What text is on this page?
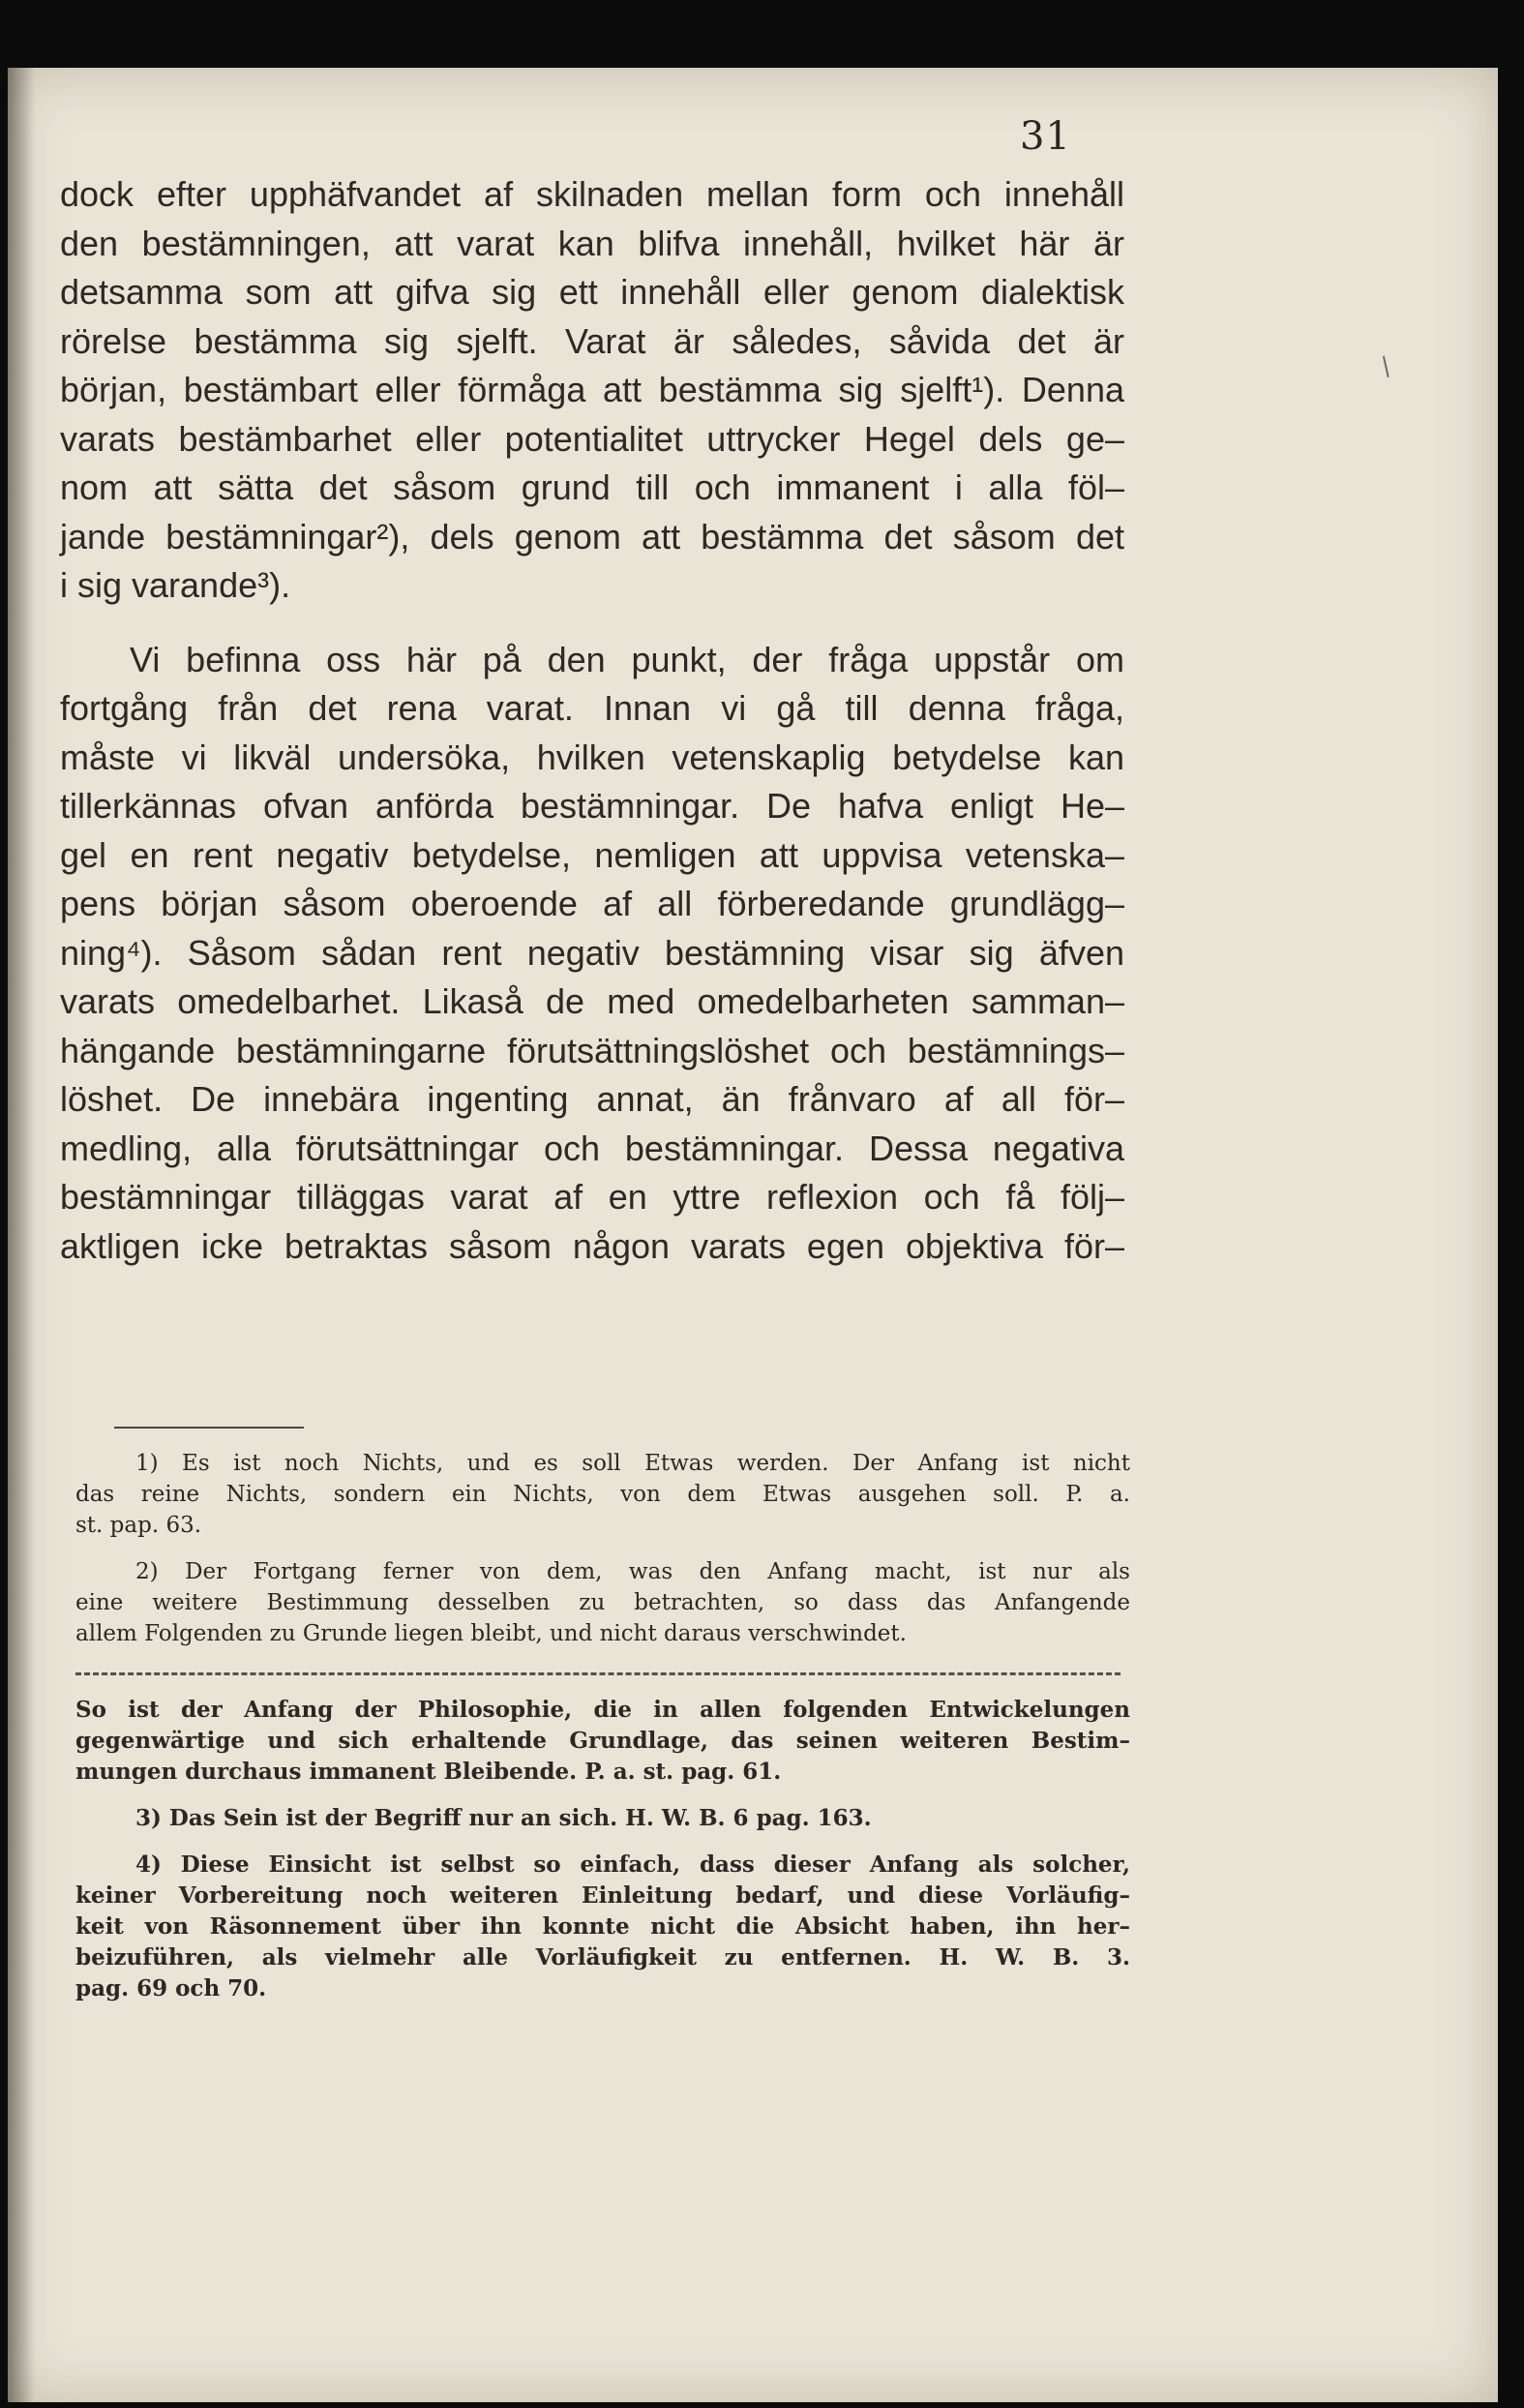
31
/
dock efter upphäfvandet af skilnaden mellan form och innehåll
den bestämningen, att varat kan blifva innehåll, hvilket här är
detsamma som att gifva sig ett innehåll eller genom dialektisk
rörelse bestämma sig sjelft. Varat är således, såvida det är
början, bestämbart eller förmåga att bestämma sig sjelft¹). Denna
varats bestämbarhet eller potentialitet uttrycker Hegel dels ge–
nom att sätta det såsom grund till och immanent i alla föl–
jande bestämningar²), dels genom att bestämma det såsom det
i sig varande³).
Vi befinna oss här på den punkt, der fråga uppstår om
fortgång från det rena varat. Innan vi gå till denna fråga,
måste vi likväl undersöka, hvilken vetenskaplig betydelse kan
tillerkännas ofvan anförda bestämningar. De hafva enligt He–
gel en rent negativ betydelse, nemligen att uppvisa vetenska–
pens början såsom oberoende af all förberedande grundlägg–
ning⁴). Såsom sådan rent negativ bestämning visar sig äfven
varats omedelbarhet. Likaså de med omedelbarheten samman–
hängande bestämningarne förutsättningslöshet och bestämnings–
löshet. De innebära ingenting annat, än frånvaro af all för–
medling, alla förutsättningar och bestämningar. Dessa negativa
bestämningar tilläggas varat af en yttre reflexion och få följ–
aktligen icke betraktas såsom någon varats egen objektiva för–
1) Es ist noch Nichts, und es soll Etwas werden. Der Anfang ist nicht
das reine Nichts, sondern ein Nichts, von dem Etwas ausgehen soll. P. a.
st. pap. 63.
2) Der Fortgang ferner von dem, was den Anfang macht, ist nur als
eine weitere Bestimmung desselben zu betrachten, so dass das Anfangende
allem Folgenden zu Grunde liegen bleibt, und nicht daraus verschwindet.
So ist der Anfang der Philosophie, die in allen folgenden Entwickelungen
gegenwärtige und sich erhaltende Grundlage, das seinen weiteren Bestim–
mungen durchaus immanent Bleibende. P. a. st. pag. 61.
3) Das Sein ist der Begriff nur an sich. H. W. B. 6 pag. 163.
4) Diese Einsicht ist selbst so einfach, dass dieser Anfang als solcher,
keiner Vorbereitung noch weiteren Einleitung bedarf, und diese Vorläufig–
keit von Räsonnement über ihn konnte nicht die Absicht haben, ihn her–
beizuführen, als vielmehr alle Vorläufigkeit zu entfernen. H. W. B. 3.
pag. 69 och 70.
